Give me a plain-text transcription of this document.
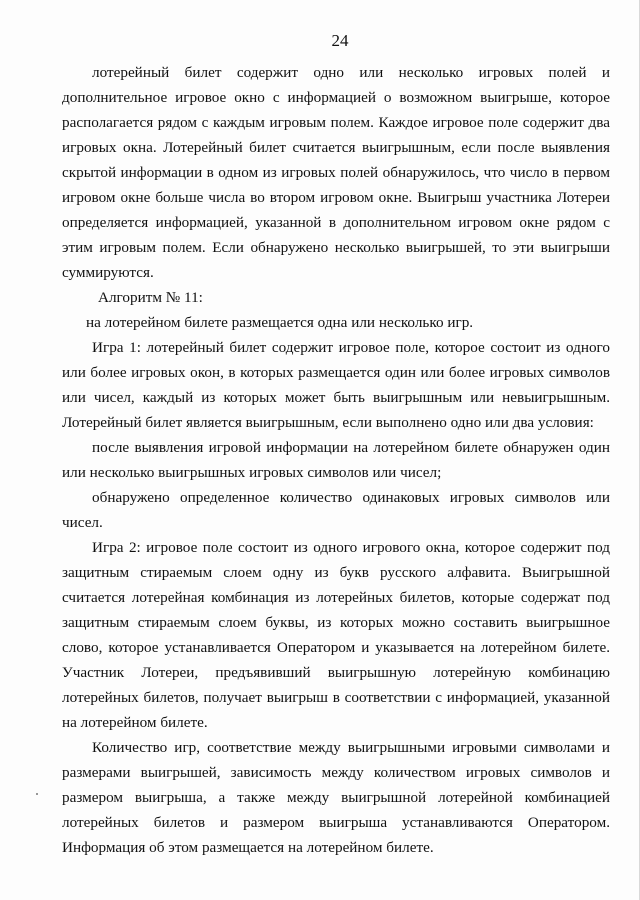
24

лотерейный билет содержит одно или несколько игровых полей и дополнительное игровое окно с информацией о возможном выигрыше, которое располагается рядом с каждым игровым полем. Каждое игровое поле содержит два игровых окна. Лотерейный билет считается выигрышным, если после выявления скрытой информации в одном из игровых полей обнаружилось, что число в первом игровом окне больше числа во втором игровом окне. Выигрыш участника Лотереи определяется информацией, указанной в дополнительном игровом окне рядом с этим игровым полем. Если обнаружено несколько выигрышей, то эти выигрыши суммируются.

Алгоритм № 11:

на лотерейном билете размещается одна или несколько игр.

Игра 1: лотерейный билет содержит игровое поле, которое состоит из одного или более игровых окон, в которых размещается один или более игровых символов или чисел, каждый из которых может быть выигрышным или невыигрышным. Лотерейный билет является выигрышным, если выполнено одно или два условия:

после выявления игровой информации на лотерейном билете обнаружен один или несколько выигрышных игровых символов или чисел;

обнаружено определенное количество одинаковых игровых символов или чисел.

Игра 2: игровое поле состоит из одного игрового окна, которое содержит под защитным стираемым слоем одну из букв русского алфавита. Выигрышной считается лотерейная комбинация из лотерейных билетов, которые содержат под защитным стираемым слоем буквы, из которых можно составить выигрышное слово, которое устанавливается Оператором и указывается на лотерейном билете. Участник Лотереи, предъявивший выигрышную лотерейную комбинацию лотерейных билетов, получает выигрыш в соответствии с информацией, указанной на лотерейном билете.

Количество игр, соответствие между выигрышными игровыми символами и размерами выигрышей, зависимость между количеством игровых символов и размером выигрыша, а также между выигрышной лотерейной комбинацией лотерейных билетов и размером выигрыша устанавливаются Оператором. Информация об этом размещается на лотерейном билете.
